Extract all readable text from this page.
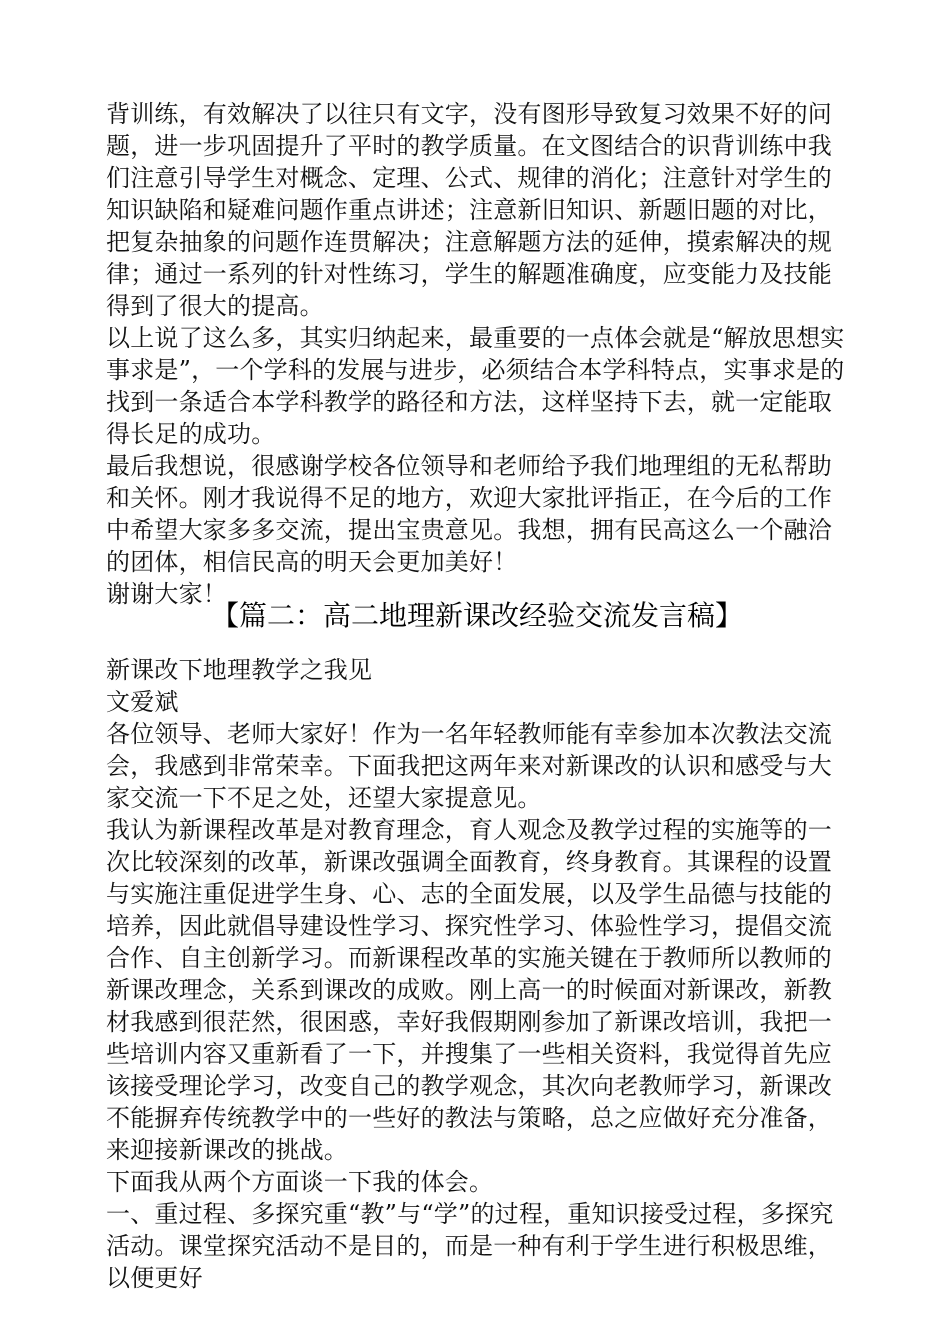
背训练，有效解决了以往只有文字，没有图形导致复习效果不好的问题，进一步巩固提升了平时的教学质量。在文图结合的识背训练中我们注意引导学生对概念、定理、公式、规律的消化；注意针对学生的知识缺陷和疑难问题作重点讲述；注意新旧知识、新题旧题的对比，把复杂抽象的问题作连贯解决；注意解题方法的延伸，摸索解决的规律；通过一系列的针对性练习，学生的解题准确度，应变能力及技能得到了很大的提高。

以上说了这么多，其实归纳起来，最重要的一点体会就是“解放思想实事求是”，一个学科的发展与进步，必须结合本学科特点，实事求是的找到一条适合本学科教学的路径和方法，这样坚持下去，就一定能取得长足的成功。

最后我想说，很感谢学校各位领导和老师给予我们地理组的无私帮助和关怀。刚才我说得不足的地方，欢迎大家批评指正，在今后的工作中希望大家多多交流，提出宝贵意见。我想，拥有民高这么一个融洽的团体，相信民高的明天会更加美好！

谢谢大家！

【篇二：高二地理新课改经验交流发言稿】

新课改下地理教学之我见

文爱斌

各位领导、老师大家好！作为一名年轻教师能有幸参加本次教法交流会，我感到非常荣幸。下面我把这两年来对新课改的认识和感受与大家交流一下不足之处，还望大家提意见。

我认为新课程改革是对教育理念，育人观念及教学过程的实施等的一次比较深刻的改革，新课改强调全面教育，终身教育。其课程的设置与实施注重促进学生身、心、志的全面发展，以及学生品德与技能的培养，因此就倡导建设性学习、探究性学习、体验性学习，提倡交流合作、自主创新学习。而新课程改革的实施关键在于教师所以教师的新课改理念，关系到课改的成败。刚上高一的时候面对新课改，新教材我感到很茫然，很困惑，幸好我假期刚参加了新课改培训，我把一些培训内容又重新看了一下，并搜集了一些相关资料，我觉得首先应该接受理论学习，改变自己的教学观念，其次向老教师学习，新课改不能摒弃传统教学中的一些好的教法与策略，总之应做好充分准备，来迎接新课改的挑战。

下面我从两个方面谈一下我的体会。

一、重过程、多探究重“教”与“学”的过程，重知识接受过程，多探究活动。课堂探究活动不是目的，而是一种有利于学生进行积极思维，以便更好
